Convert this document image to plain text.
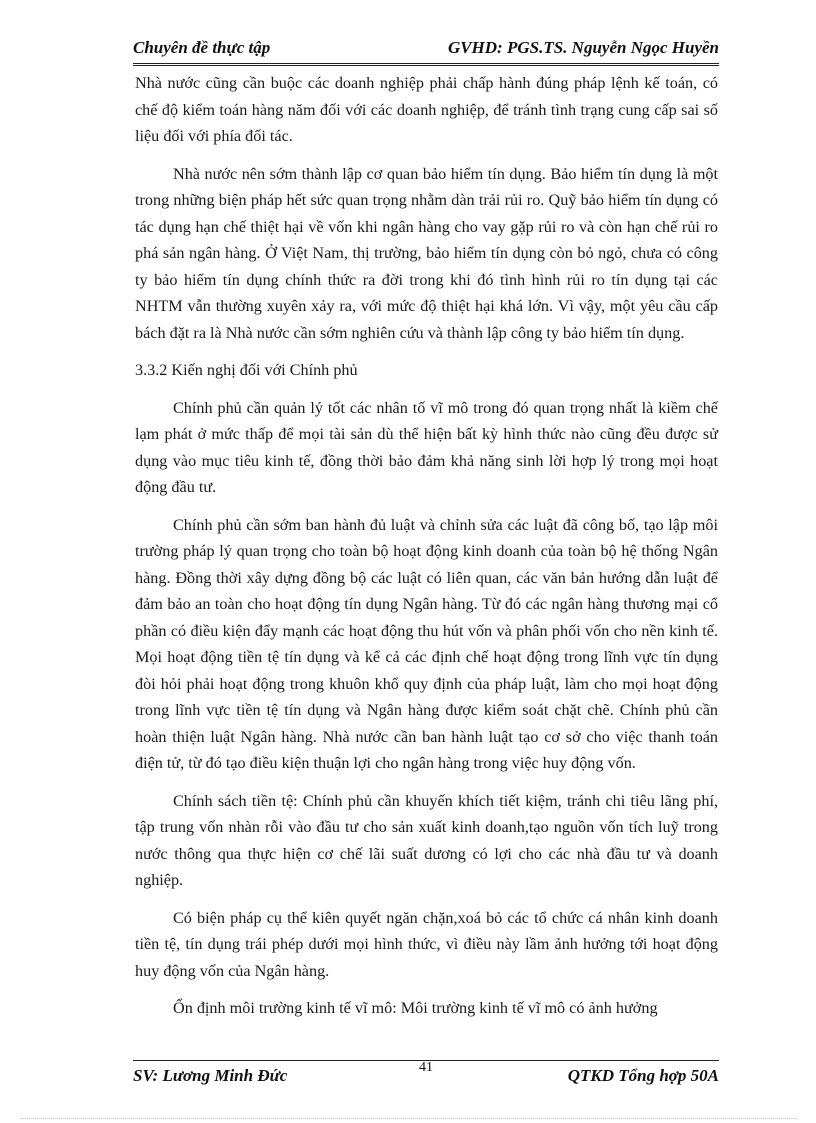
Chuyên đề thực tập	GVHD: PGS.TS. Nguyễn Ngọc Huyền

Nhà nước cũng cần buộc các doanh nghiệp phải chấp hành đúng pháp lệnh kế toán, có chế độ kiểm toán hàng năm đối với các doanh nghiệp, để tránh tình trạng cung cấp sai số liệu đối với phía đối tác.

Nhà nước nên sớm thành lập cơ quan bảo hiểm tín dụng. Bảo hiểm tín dụng là một trong những biện pháp hết sức quan trọng nhằm dàn trải rủi ro. Quỹ bảo hiểm tín dụng có tác dụng hạn chế thiệt hại về vốn khi ngân hàng cho vay gặp rủi ro và còn hạn chế rủi ro phá sản ngân hàng. Ở Việt Nam, thị trường, bảo hiểm tín dụng còn bỏ ngỏ, chưa có công ty bảo hiểm tín dụng chính thức ra đời trong khi đó tình hình rủi ro tín dụng tại các NHTM vẫn thường xuyên xảy ra, với mức độ thiệt hại khá lớn. Vì vậy, một yêu cầu cấp bách đặt ra là Nhà nước cần sớm nghiên cứu và thành lập công ty bảo hiểm tín dụng.

3.3.2 Kiến nghị đối với Chính phủ

Chính phủ cần quản lý tốt các nhân tố vĩ mô trong đó quan trọng nhất là kiềm chế lạm phát ở mức thấp để mọi tài sản dù thể hiện bất kỳ hình thức nào cũng đều được sử dụng vào mục tiêu kinh tế, đồng thời bảo đảm khả năng sinh lời hợp lý trong mọi hoạt động đầu tư.

Chính phủ cần sớm ban hành đủ luật và chỉnh sửa các luật đã công bố, tạo lập môi trường pháp lý quan trọng cho toàn bộ hoạt động kinh doanh của toàn bộ hệ thống Ngân hàng. Đồng thời xây dựng đồng bộ các luật có liên quan, các văn bản hướng dẫn luật để đảm bảo an toàn cho hoạt động tín dụng Ngân hàng. Từ đó các ngân hàng thương mại cổ phần có điều kiện đẩy mạnh các hoạt động thu hút vốn và phân phối vốn cho nền kinh tế. Mọi hoạt động tiền tệ tín dụng và kể cả các định chế hoạt động trong lĩnh vực tín dụng đòi hỏi phải hoạt động trong khuôn khổ quy định của pháp luật, làm cho mọi hoạt động trong lĩnh vực tiền tệ tín dụng và Ngân hàng được kiểm soát chặt chẽ. Chính phủ cần hoàn thiện luật Ngân hàng. Nhà nước cần ban hành luật tạo cơ sở cho việc thanh toán điện tử, từ đó tạo điều kiện thuận lợi cho ngân hàng trong việc huy động vốn.

Chính sách tiền tệ: Chính phủ cần khuyến khích tiết kiệm, tránh chi tiêu lãng phí, tập trung vốn nhàn rỗi vào đầu tư cho sản xuất kinh doanh,tạo nguồn vốn tích luỹ trong nước thông qua thực hiện cơ chế lãi suất dương có lợi cho các nhà đầu tư và doanh nghiệp.

Có biện pháp cụ thể kiên quyết ngăn chặn,xoá bỏ các tổ chức cá nhân kinh doanh tiền tệ, tín dụng trái phép dưới mọi hình thức, vì điều này lầm ảnh hưởng tới hoạt động huy động vốn của Ngân hàng.

Ổn định môi trường kinh tế vĩ mô: Môi trường kinh tế vĩ mô có ảnh hưởng

SV: Lương Minh Đức	41	QTKD Tổng hợp 50A
